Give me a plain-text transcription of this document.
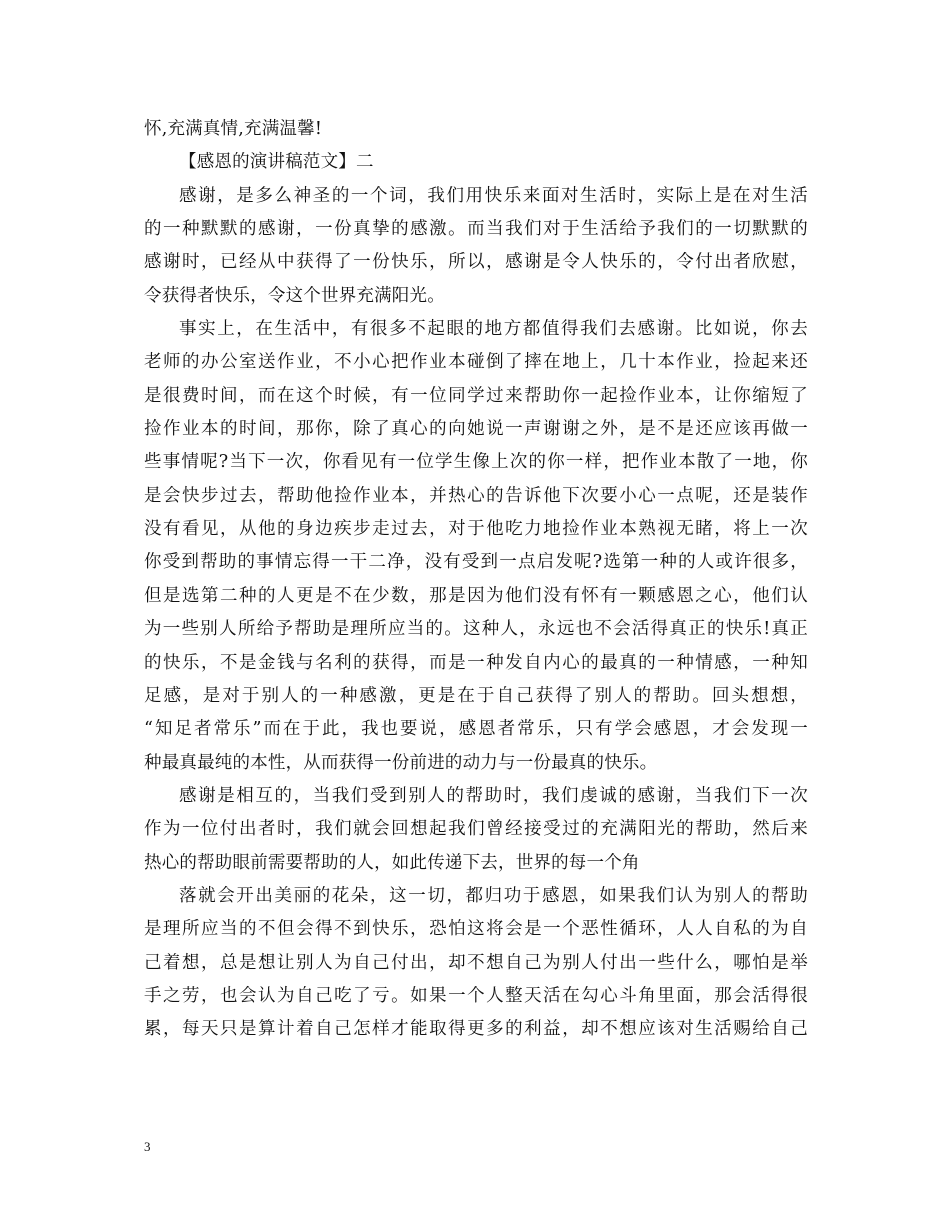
怀,充满真情,充满温馨!
【感恩的演讲稿范文】二
感谢，是多么神圣的一个词，我们用快乐来面对生活时，实际上是在对生活
的一种默默的感谢，一份真挚的感激。而当我们对于生活给予我们的一切默默的
感谢时，已经从中获得了一份快乐，所以，感谢是令人快乐的，令付出者欣慰，
令获得者快乐，令这个世界充满阳光。
事实上，在生活中，有很多不起眼的地方都值得我们去感谢。比如说，你去
老师的办公室送作业，不小心把作业本碰倒了摔在地上，几十本作业，捡起来还
是很费时间，而在这个时候，有一位同学过来帮助你一起捡作业本，让你缩短了
捡作业本的时间，那你，除了真心的向她说一声谢谢之外，是不是还应该再做一
些事情呢?当下一次，你看见有一位学生像上次的你一样，把作业本散了一地，你
是会快步过去，帮助他捡作业本，并热心的告诉他下次要小心一点呢，还是装作
没有看见，从他的身边疾步走过去，对于他吃力地捡作业本熟视无睹，将上一次
你受到帮助的事情忘得一干二净，没有受到一点启发呢?选第一种的人或许很多，
但是选第二种的人更是不在少数，那是因为他们没有怀有一颗感恩之心，他们认
为一些别人所给予帮助是理所应当的。这种人，永远也不会活得真正的快乐!真正
的快乐，不是金钱与名利的获得，而是一种发自内心的最真的一种情感，一种知
足感，是对于别人的一种感激，更是在于自己获得了别人的帮助。回头想想，
“知足者常乐”而在于此，我也要说，感恩者常乐，只有学会感恩，才会发现一
种最真最纯的本性，从而获得一份前进的动力与一份最真的快乐。
感谢是相互的，当我们受到别人的帮助时，我们虔诚的感谢，当我们下一次
作为一位付出者时，我们就会回想起我们曾经接受过的充满阳光的帮助，然后来
热心的帮助眼前需要帮助的人，如此传递下去，世界的每一个角
落就会开出美丽的花朵，这一切，都归功于感恩，如果我们认为别人的帮助
是理所应当的不但会得不到快乐，恐怕这将会是一个恶性循环，人人自私的为自
己着想，总是想让别人为自己付出，却不想自己为别人付出一些什么，哪怕是举
手之劳，也会认为自己吃了亏。如果一个人整天活在勾心斗角里面，那会活得很
累，每天只是算计着自己怎样才能取得更多的利益，却不想应该对生活赐给自己
3
